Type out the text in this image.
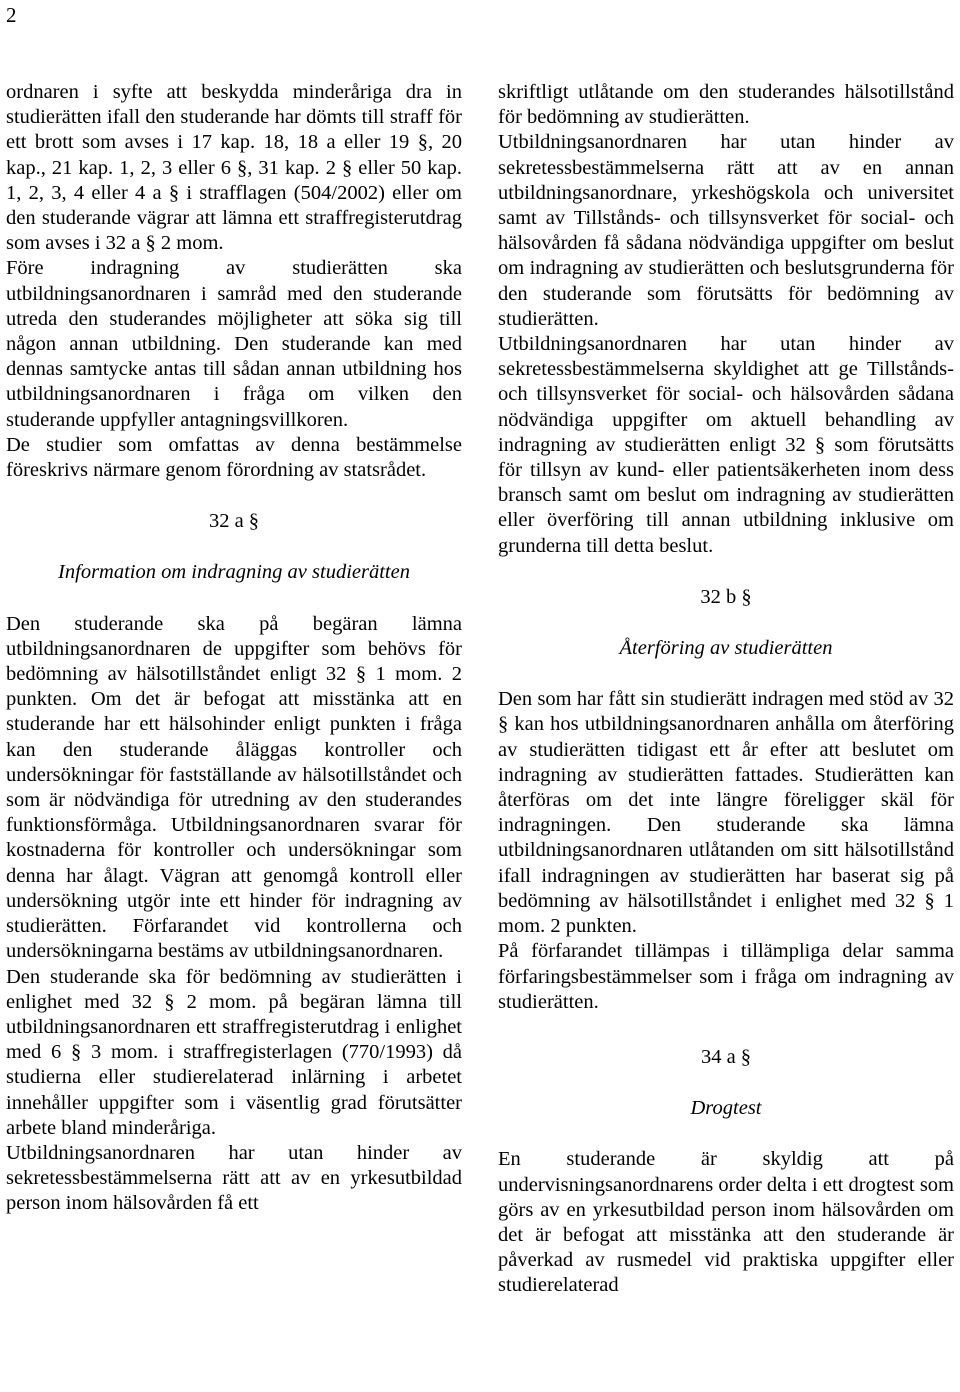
2

ordnaren i syfte att beskydda minderåriga dra in studierätten ifall den studerande har dömts till straff för ett brott som avses i 17 kap. 18, 18 a eller 19 §, 20 kap., 21 kap. 1, 2, 3 eller 6 §, 31 kap. 2 § eller 50 kap. 1, 2, 3, 4 eller 4 a § i strafflagen (504/2002) eller om den studerande vägrar att lämna ett straffregisterutdrag som avses i 32 a § 2 mom.

Före indragning av studierätten ska utbildningsanordnaren i samråd med den studerande utreda den studerandes möjligheter att söka sig till någon annan utbildning. Den studerande kan med dennas samtycke antas till sådan annan utbildning hos utbildningsanordnaren i fråga om vilken den studerande uppfyller antagningsvillkoren.

De studier som omfattas av denna bestämmelse föreskrivs närmare genom förordning av statsrådet.

32 a §
Information om indragning av studierätten

Den studerande ska på begäran lämna utbildningsanordnaren de uppgifter som behövs för bedömning av hälsotillståndet enligt 32 § 1 mom. 2 punkten. Om det är befogat att misstänka att en studerande har ett hälsohinder enligt punkten i fråga kan den studerande åläggas kontroller och undersökningar för fastställande av hälsotillståndet och som är nödvändiga för utredning av den studerandes funktionsförmåga. Utbildningsanordnaren svarar för kostnaderna för kontroller och undersökningar som denna har ålagt. Vägran att genomgå kontroll eller undersökning utgör inte ett hinder för indragning av studierätten. Förfarandet vid kontrollerna och undersökningarna bestäms av utbildningsanordnaren.

Den studerande ska för bedömning av studierätten i enlighet med 32 § 2 mom. på begäran lämna till utbildningsanordnaren ett straffregisterutdrag i enlighet med 6 § 3 mom. i straffregisterlagen (770/1993) då studierna eller studierelaterad inlärning i arbetet innehåller uppgifter som i väsentlig grad förutsätter arbete bland minderåriga.

Utbildningsanordnaren har utan hinder av sekretessbestämmelserna rätt att av en yrkesutbildad person inom hälsovården få ett

skriftligt utlåtande om den studerandes hälsotillstånd för bedömning av studierätten.

Utbildningsanordnaren har utan hinder av sekretessbestämmelserna rätt att av en annan utbildningsanordnare, yrkeshögskola och universitet samt av Tillstånds- och tillsynsverket för social- och hälsovården få sådana nödvändiga uppgifter om beslut om indragning av studierätten och beslutsgrunderna för den studerande som förutsätts för bedömning av studierätten.

Utbildningsanordnaren har utan hinder av sekretessbestämmelserna skyldighet att ge Tillstånds- och tillsynsverket för social- och hälsovården sådana nödvändiga uppgifter om aktuell behandling av indragning av studierätten enligt 32 § som förutsätts för tillsyn av kund- eller patientsäkerheten inom dess bransch samt om beslut om indragning av studierätten eller överföring till annan utbildning inklusive om grunderna till detta beslut.

32 b §
Återföring av studierätten

Den som har fått sin studierätt indragen med stöd av 32 § kan hos utbildningsanordnaren anhålla om återföring av studierätten tidigast ett år efter att beslutet om indragning av studierätten fattades. Studierätten kan återföras om det inte längre föreligger skäl för indragningen. Den studerande ska lämna utbildningsanordnaren utlåtanden om sitt hälsotillstånd ifall indragningen av studierätten har baserat sig på bedömning av hälsotillståndet i enlighet med 32 § 1 mom. 2 punkten.

På förfarandet tillämpas i tillämpliga delar samma förfaringsbestämmelser som i fråga om indragning av studierätten.

34 a §
Drogtest

En studerande är skyldig att på undervisningsanordnarens order delta i ett drogtest som görs av en yrkesutbildad person inom hälsovården om det är befogat att misstänka att den studerande är påverkad av rusmedel vid praktiska uppgifter eller studierelaterad
